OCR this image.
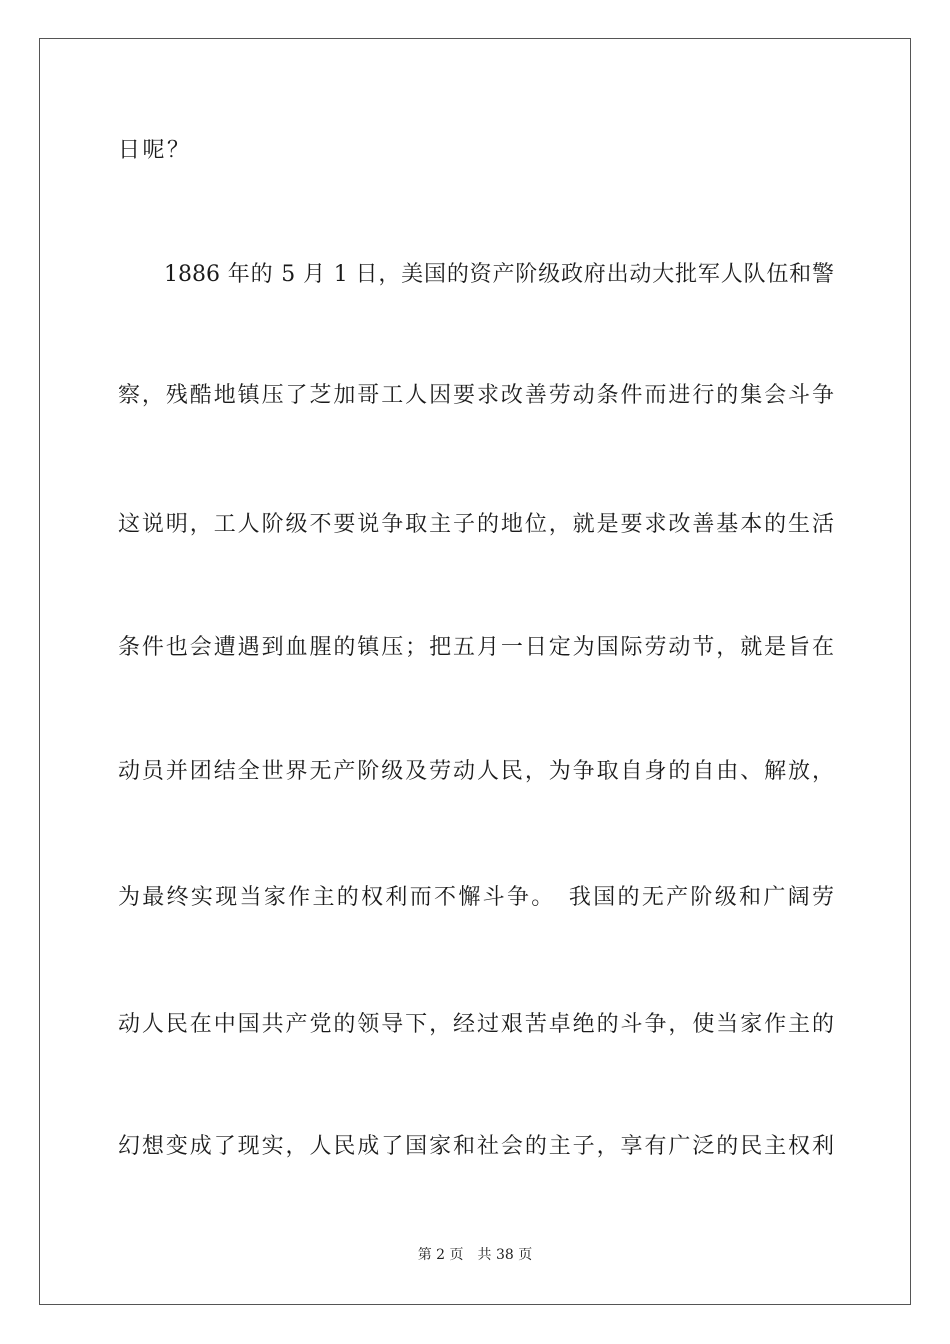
日呢？
1886 年的 5 月 1 日，美国的资产阶级政府出动大批军人队伍和警
察，残酷地镇压了芝加哥工人因要求改善劳动条件而进行的集会斗争
这说明，工人阶级不要说争取主子的地位，就是要求改善基本的生活
条件也会遭遇到血腥的镇压；把五月一日定为国际劳动节，就是旨在
动员并团结全世界无产阶级及劳动人民，为争取自身的自由、解放，
为最终实现当家作主的权利而不懈斗争。　我国的无产阶级和广阔劳
动人民在中国共产党的领导下，经过艰苦卓绝的斗争，使当家作主的
幻想变成了现实，人民成了国家和社会的主子，享有广泛的民主权利
第 2 页 共 38 页
